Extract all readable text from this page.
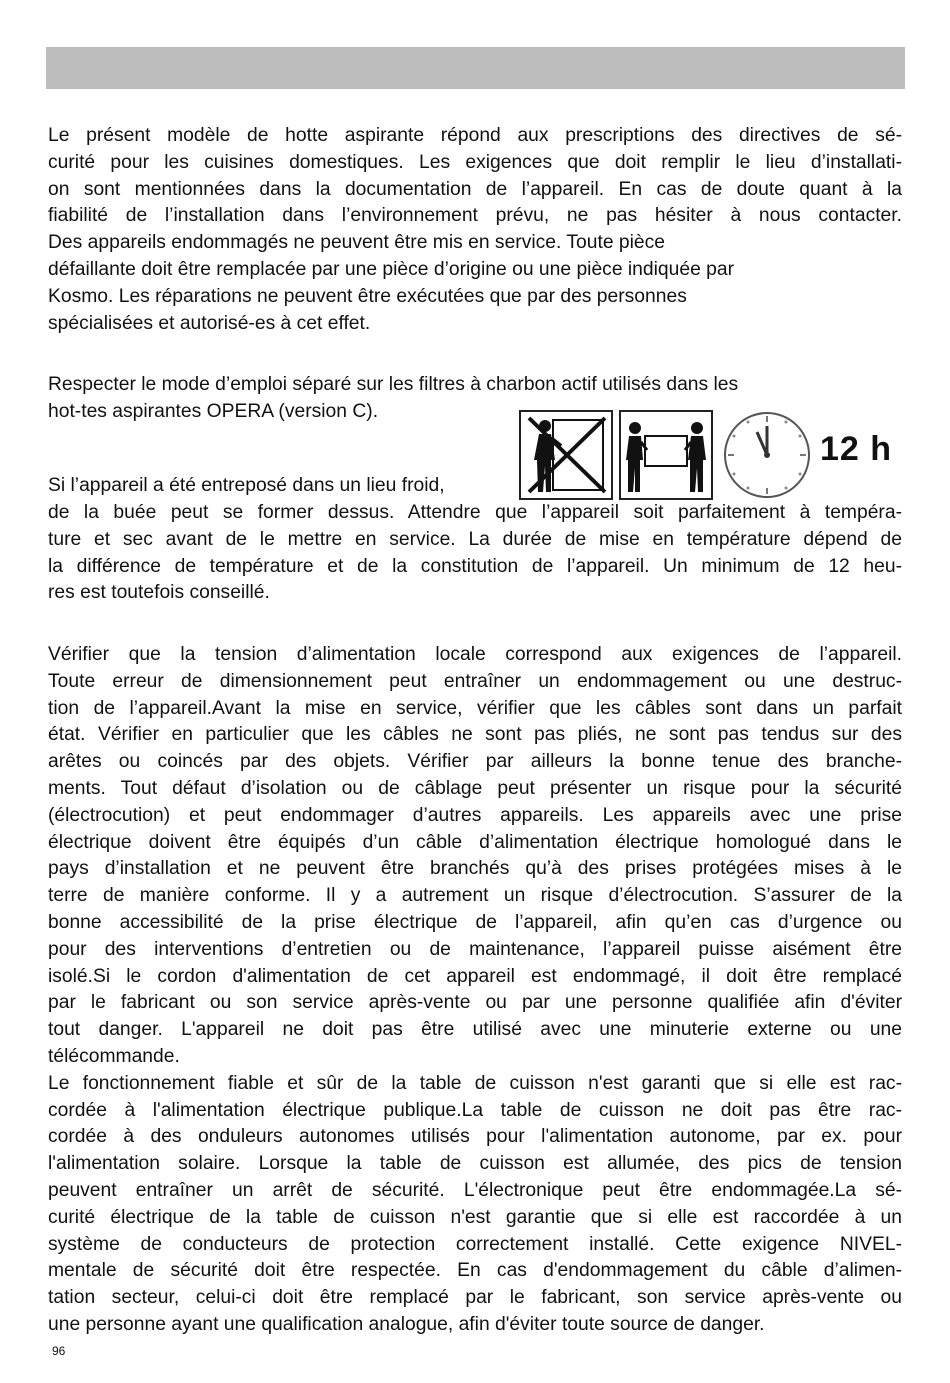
Le présent modèle de hotte aspirante répond aux prescriptions des directives de sé-
curité pour les cuisines domestiques. Les exigences que doit remplir le lieu d’installati-
on sont mentionnées dans la documentation de l’appareil. En cas de doute quant à la
fiabilité de l’installation dans l’environnement prévu, ne pas hésiter à nous contacter.
Des appareils endommagés ne peuvent être mis en service. Toute pièce
défaillante doit être remplacée par une pièce d’origine ou une pièce indiquée par
Kosmo. Les réparations ne peuvent être exécutées que par des personnes
spécialisées et autorisé-es à cet effet.
Respecter le mode d’emploi séparé sur les filtres à charbon actif utilisés dans les
hot-tes aspirantes OPERA (version C).
Si l’appareil a été entreposé dans un lieu froid,
12 h
de la buée peut se former dessus. Attendre que l’appareil soit parfaitement à tempéra-
ture et sec avant de le mettre en service. La durée de mise en température dépend de
la différence de température et de la constitution de l’appareil. Un minimum de 12 heu-
res est toutefois conseillé.
Vérifier que la tension d’alimentation locale correspond aux exigences de l’appareil.
Toute erreur de dimensionnement peut entraîner un endommagement ou une destruc-
tion de l’appareil.Avant la mise en service, vérifier que les câbles sont dans un parfait
état. Vérifier en particulier que les câbles ne sont pas pliés, ne sont pas tendus sur des
arêtes ou coincés par des objets. Vérifier par ailleurs la bonne tenue des branche-
ments. Tout défaut d’isolation ou de câblage peut présenter un risque pour la sécurité
(électrocution) et peut endommager d’autres appareils. Les appareils avec une prise
électrique doivent être équipés d’un câble d’alimentation électrique homologué dans le
pays d’installation et ne peuvent être branchés qu’à des prises protégées mises à le
terre de manière conforme. Il y a autrement un risque d’électrocution. S’assurer de la
bonne accessibilité de la prise électrique de l’appareil, afin qu’en cas d’urgence ou
pour des interventions d’entretien ou de maintenance, l’appareil puisse aisément être
isolé.Si le cordon d'alimentation de cet appareil est endommagé, il doit être remplacé
par le fabricant ou son service après-vente ou par une personne qualifiée afin d'éviter
tout danger. L'appareil ne doit pas être utilisé avec une minuterie externe ou une
télécommande.
Le fonctionnement fiable et sûr de la table de cuisson n'est garanti que si elle est rac-
cordée à l'alimentation électrique publique.La table de cuisson ne doit pas être rac-
cordée à des onduleurs autonomes utilisés pour l'alimentation autonome, par ex. pour
l'alimentation solaire. Lorsque la table de cuisson est allumée, des pics de tension
peuvent entraîner un arrêt de sécurité. L'électronique peut être endommagée.La sé-
curité électrique de la table de cuisson n'est garantie que si elle est raccordée à un
système de conducteurs de protection correctement installé. Cette exigence NIVEL-
mentale de sécurité doit être respectée. En cas d'endommagement du câble d’alimen-
tation secteur, celui-ci doit être remplacé par le fabricant, son service après-vente ou
une personne ayant une qualification analogue, afin d'éviter toute source de danger.
96
